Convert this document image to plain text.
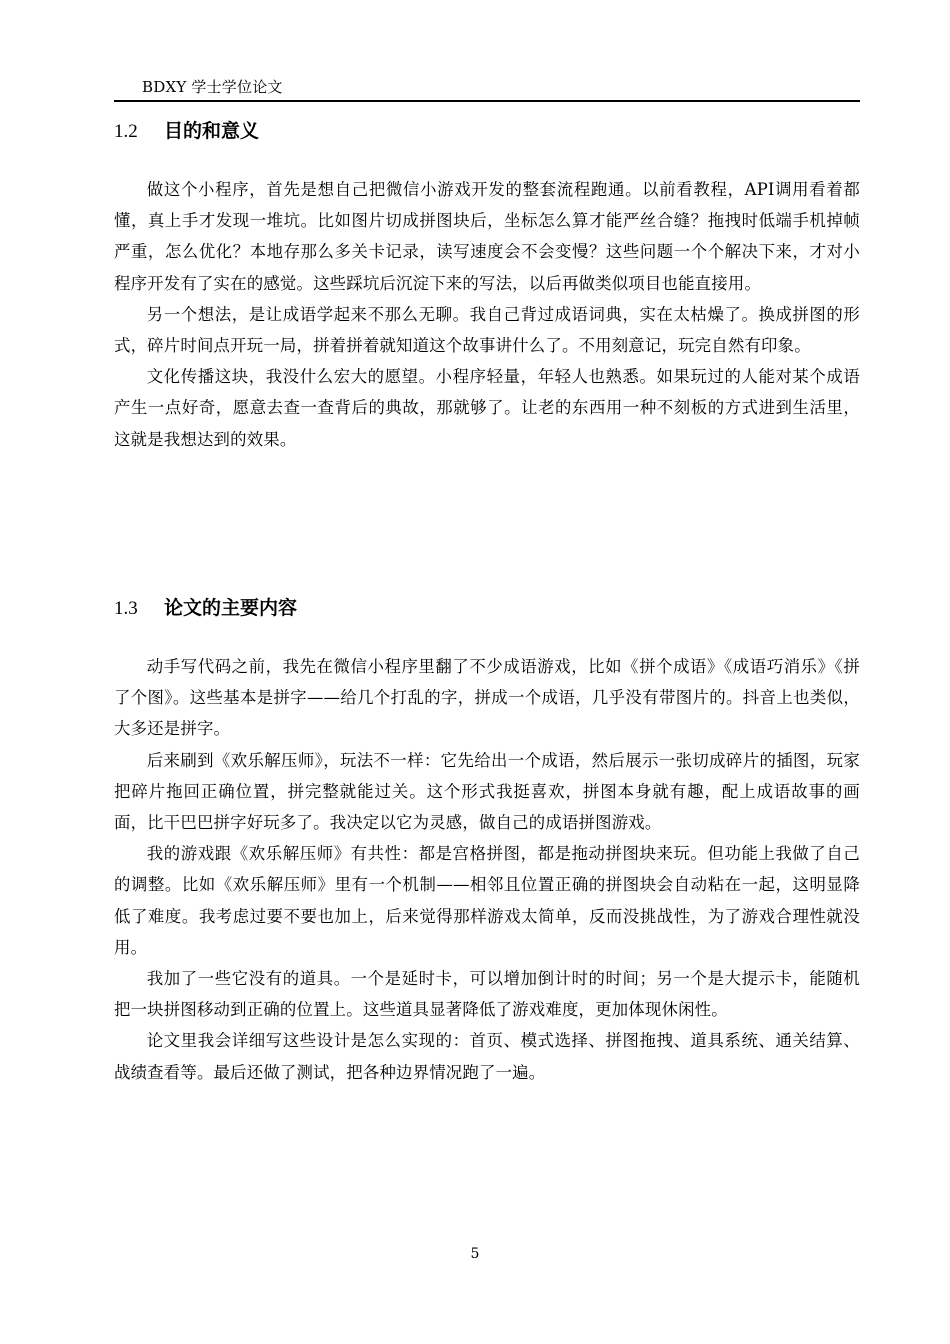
BDXY 学士学位论文
1.2	目的和意义

做这个小程序，首先是想自己把微信小游戏开发的整套流程跑通。以前看教程，API调用看着都懂，真上手才发现一堆坑。比如图片切成拼图块后，坐标怎么算才能严丝合缝？拖拽时低端手机掉帧严重，怎么优化？本地存那么多关卡记录，读写速度会不会变慢？这些问题一个个解决下来，才对小程序开发有了实在的感觉。这些踩坑后沉淀下来的写法，以后再做类似项目也能直接用。

另一个想法，是让成语学起来不那么无聊。我自己背过成语词典，实在太枯燥了。换成拼图的形式，碎片时间点开玩一局，拼着拼着就知道这个故事讲什么了。不用刻意记，玩完自然有印象。

文化传播这块，我没什么宏大的愿望。小程序轻量，年轻人也熟悉。如果玩过的人能对某个成语产生一点好奇，愿意去查一查背后的典故，那就够了。让老的东西用一种不刻板的方式进到生活里，这就是我想达到的效果。

1.3	论文的主要内容

动手写代码之前，我先在微信小程序里翻了不少成语游戏，比如《拼个成语》《成语巧消乐》《拼了个图》。这些基本是拼字——给几个打乱的字，拼成一个成语，几乎没有带图片的。抖音上也类似，大多还是拼字。

后来刷到《欢乐解压师》，玩法不一样：它先给出一个成语，然后展示一张切成碎片的插图，玩家把碎片拖回正确位置，拼完整就能过关。这个形式我挺喜欢，拼图本身就有趣，配上成语故事的画面，比干巴巴拼字好玩多了。我决定以它为灵感，做自己的成语拼图游戏。

我的游戏跟《欢乐解压师》有共性：都是宫格拼图，都是拖动拼图块来玩。但功能上我做了自己的调整。比如《欢乐解压师》里有一个机制——相邻且位置正确的拼图块会自动粘在一起，这明显降低了难度。我考虑过要不要也加上，后来觉得那样游戏太简单，反而没挑战性，为了游戏合理性就没用。

我加了一些它没有的道具。一个是延时卡，可以增加倒计时的时间；另一个是大提示卡，能随机把一块拼图移动到正确的位置上。这些道具显著降低了游戏难度，更加体现休闲性。

论文里我会详细写这些设计是怎么实现的：首页、模式选择、拼图拖拽、道具系统、通关结算、战绩查看等。最后还做了测试，把各种边界情况跑了一遍。

5
